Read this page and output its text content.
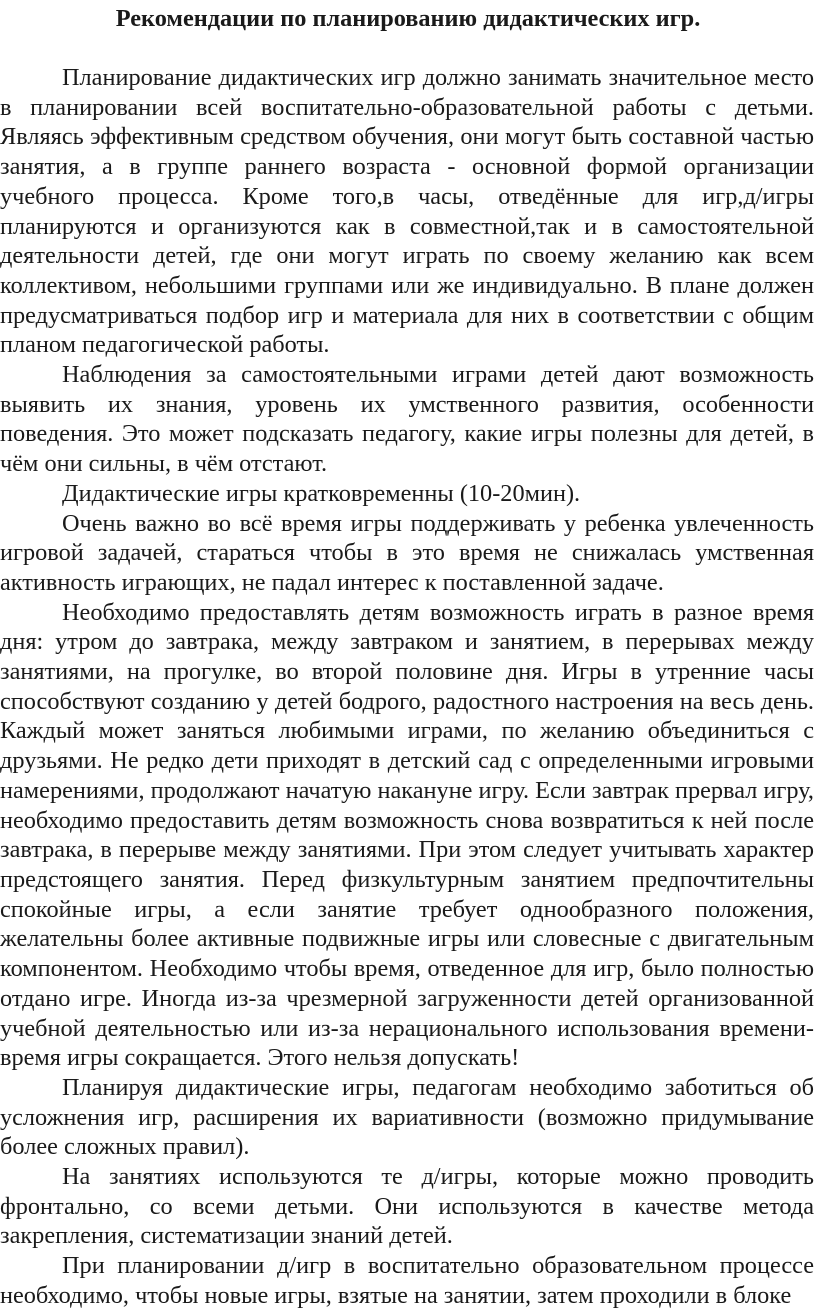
Рекомендации по планированию дидактических игр.

Планирование дидактических игр должно занимать значительное место в планировании всей воспитательно-образовательной работы с детьми. Являясь эффективным средством обучения, они могут быть составной частью занятия, а в группе раннего возраста - основной формой организации учебного процесса. Кроме того,в часы, отведённые для игр,д/игры планируются и организуются как в совместной,так и в самостоятельной деятельности детей, где они могут играть по своему желанию как всем коллективом, небольшими группами или же индивидуально. В плане должен предусматриваться подбор игр и материала для них в соответствии с общим планом педагогической работы.

Наблюдения за самостоятельными играми детей дают возможность выявить их знания, уровень их умственного развития, особенности поведения. Это может подсказать педагогу, какие игры полезны для детей, в чём они сильны, в чём отстают.

Дидактические игры кратковременны (10-20мин).

Очень важно во всё время игры поддерживать у ребенка увлеченность игровой задачей, стараться чтобы в это время не снижалась умственная активность играющих, не падал интерес к поставленной задаче.

Необходимо предоставлять детям возможность играть в разное время дня: утром до завтрака, между завтраком и занятием, в перерывах между занятиями, на прогулке, во второй половине дня. Игры в утренние часы способствуют созданию у детей бодрого, радостного настроения на весь день. Каждый может заняться любимыми играми, по желанию объединиться с друзьями. Не редко дети приходят в детский сад с определенными игровыми намерениями, продолжают начатую накануне игру. Если завтрак прервал игру, необходимо предоставить детям возможность снова возвратиться к ней после завтрака, в перерыве между занятиями. При этом следует учитывать характер предстоящего занятия. Перед физкультурным занятием предпочтительны спокойные игры, а если занятие требует однообразного положения, желательны более активные подвижные игры или словесные с двигательным компонентом. Необходимо чтобы время, отведенное для игр, было полностью отдано игре. Иногда из-за чрезмерной загруженности детей организованной учебной деятельностью или из-за нерационального использования времени-время игры сокращается. Этого нельзя допускать!

Планируя дидактические игры, педагогам необходимо заботиться об усложнения игр, расширения их вариативности (возможно придумывание более сложных правил).

На занятиях используются те д/игры, которые можно проводить фронтально, со всеми детьми. Они используются в качестве метода закрепления, систематизации знаний детей.

При планировании д/игр в воспитательно образовательном процессе необходимо, чтобы новые игры, взятые на занятии, затем проходили в блоке
